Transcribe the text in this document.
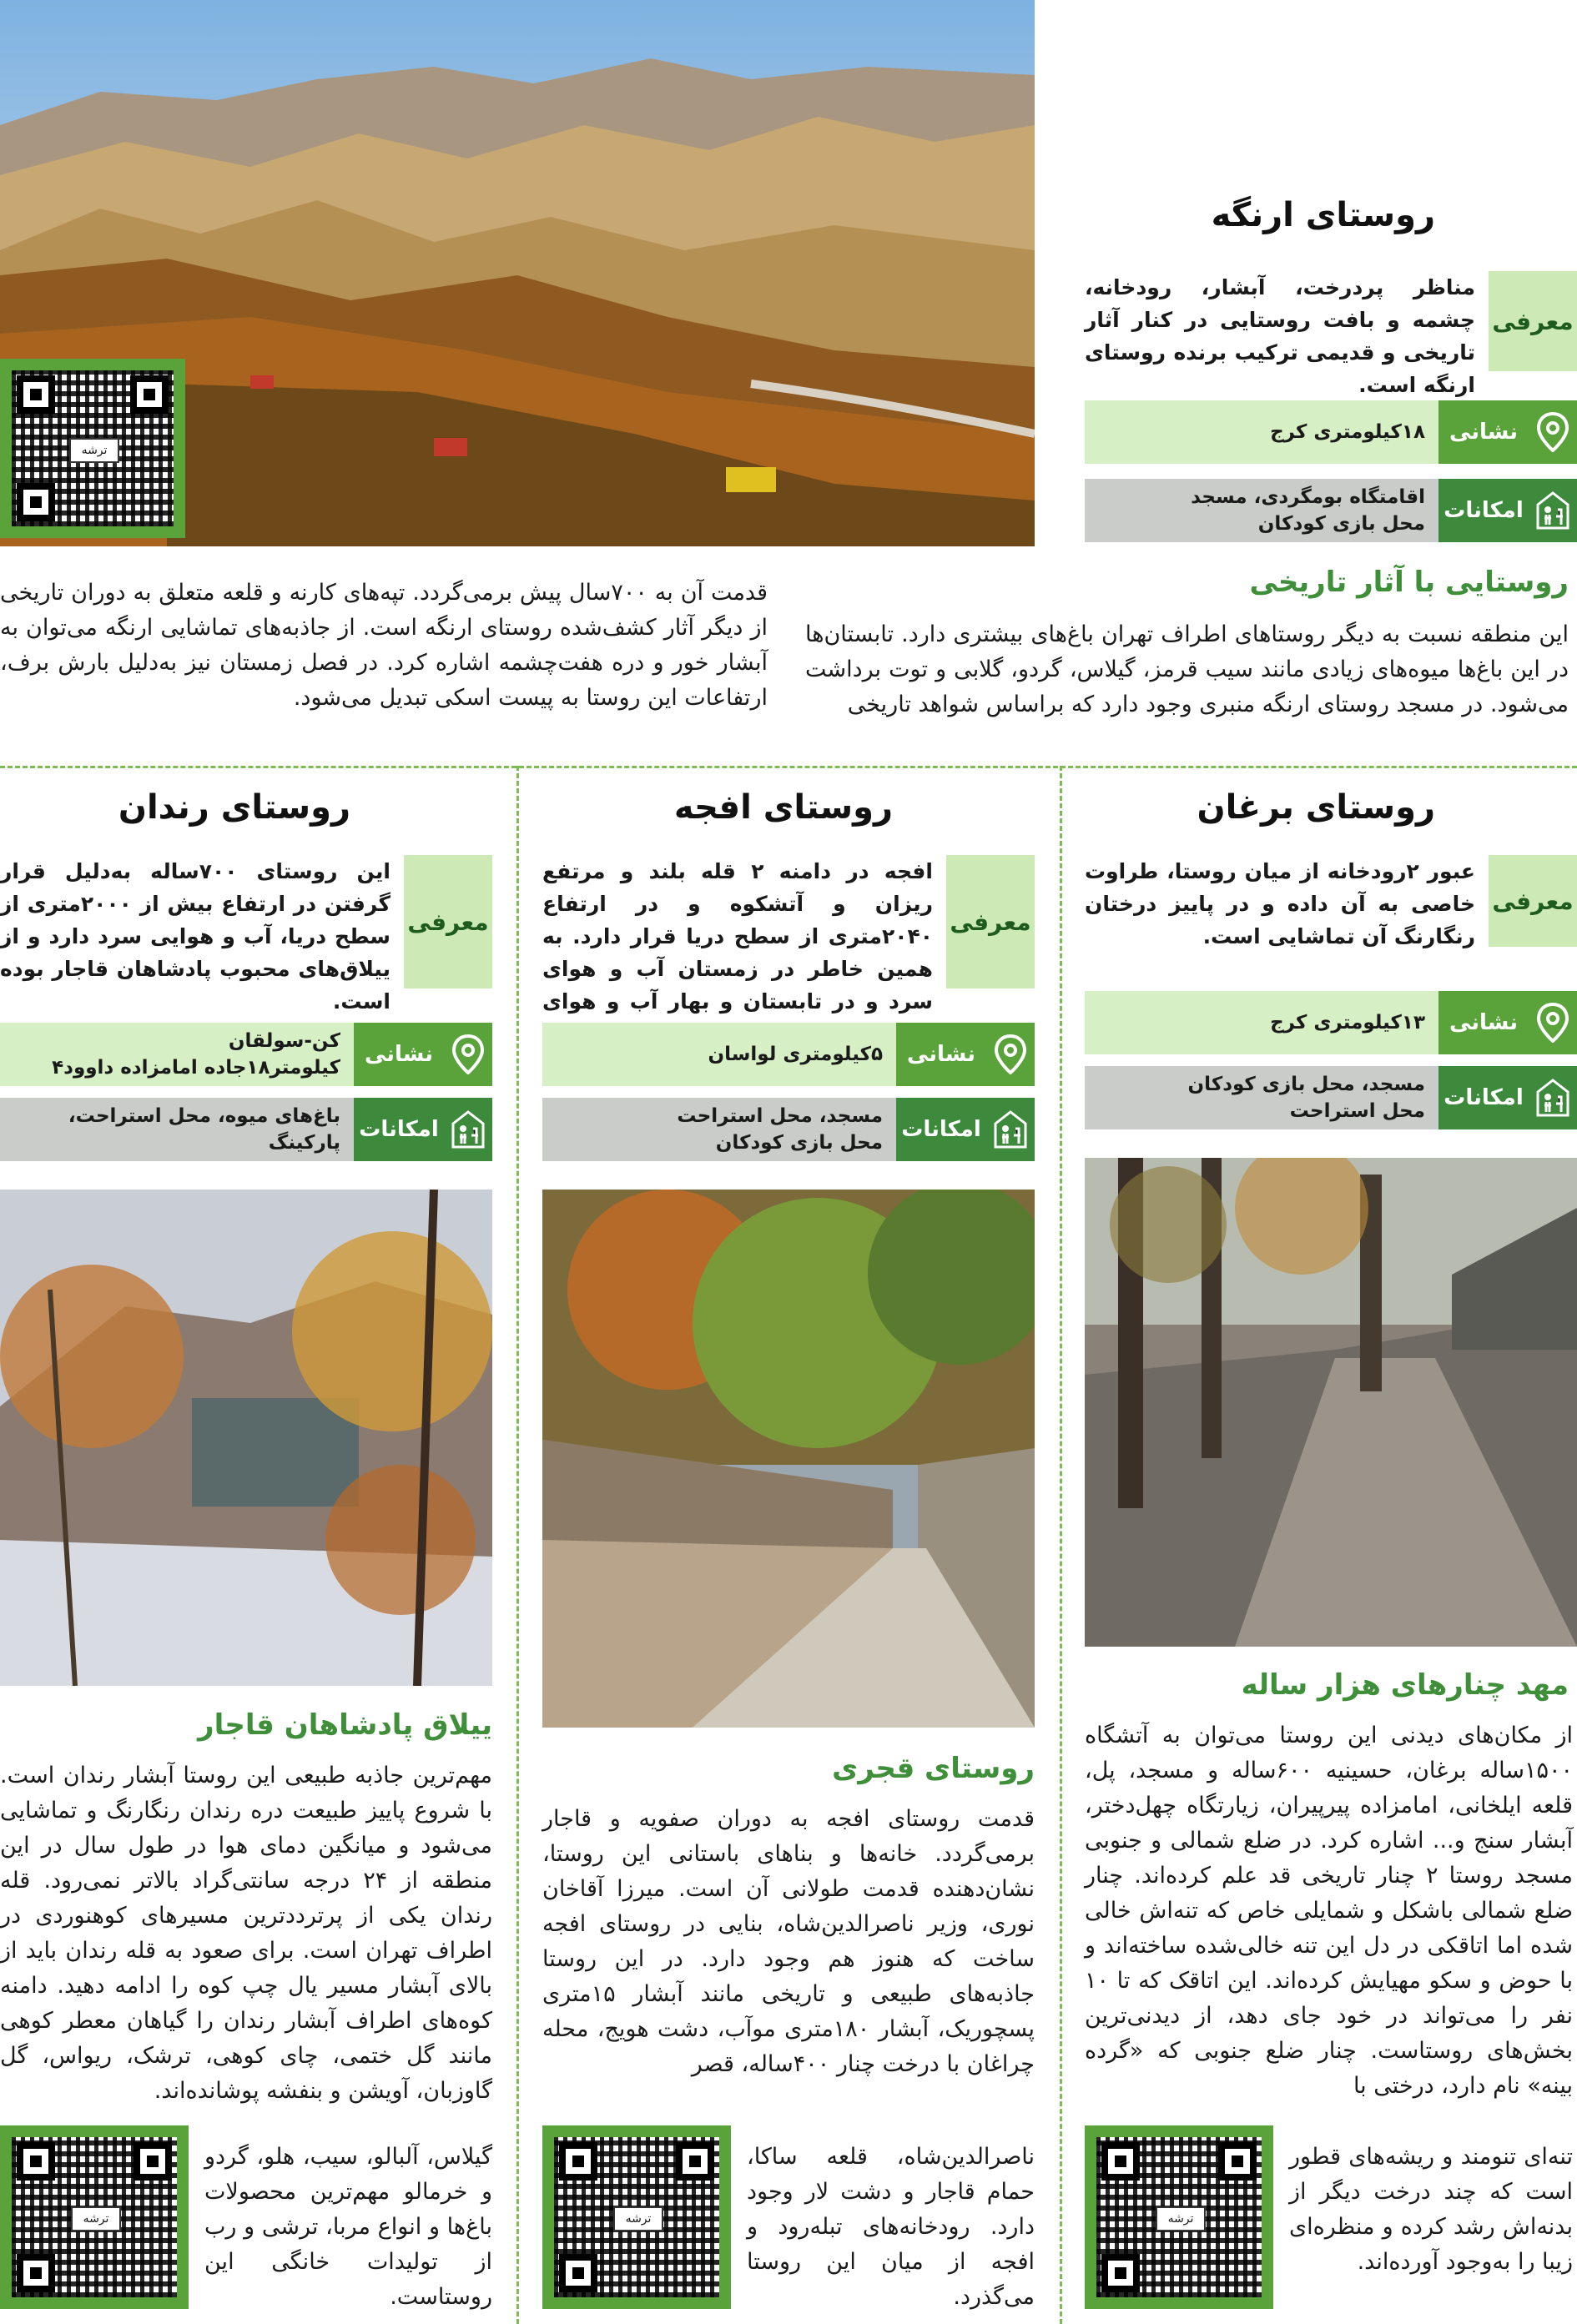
ترشه
روستای ارنگه
معرفی
مناظر پردرخت، آبشار، رودخانه، چشمه و بافت روستایی در کنار آثار تاریخی و قدیمی ترکیب برنده روستای ارنگه است.
نشانی
۱۸کیلومتری کرج
امکانات
اقامتگاه بومگردی، مسجد
محل بازی کودکان
روستایی با آثار تاریخی
این منطقه نسبت به دیگر روستاهای اطراف تهران باغ‌های بیشتری دارد. تابستان‌ها در این باغ‌ها میوه‌های زیادی مانند سیب قرمز، گیلاس، گردو، گلابی و توت برداشت می‌شود. در مسجد روستای ارنگه منبری وجود دارد که براساس شواهد تاریخی
قدمت آن به ۷۰۰سال پیش برمی‌گردد. تپه‌های کارنه و قلعه متعلق به دوران تاریخی از دیگر آثار کشف‌شده روستای ارنگه است. از جاذبه‌های تماشایی ارنگه می‌توان به آبشار خور و دره هفت‌چشمه اشاره کرد. در فصل زمستان نیز به‌دلیل بارش برف، ارتفاعات این روستا به پیست اسکی تبدیل می‌شود.
روستای برغان
معرفی
عبور ۲رودخانه از میان روستا، طراوت خاصی به آن داده و در پاییز درختان رنگارنگ آن تماشایی است.
نشانی
۱۳کیلومتری کرج
امکانات
مسجد، محل بازی کودکان
محل استراحت
مهد چنارهای هزار ساله
از مکان‌های دیدنی این روستا می‌توان به آتشگاه ۱۵۰۰ساله برغان، حسینیه ۶۰۰ساله و مسجد، پل، قلعه ایلخانی، امامزاده پیرپیران، زیارتگاه چهل‌دختر، آبشار سنج و... اشاره کرد. در ضلع شمالی و جنوبی مسجد روستا ۲ چنار تاریخی قد علم کرده‌اند. چنار ضلع شمالی باشکل و شمایلی خاص که تنه‌اش خالی شده اما اتاقکی در دل این تنه خالی‌شده ساخته‌اند و با حوض و سکو مهیایش کرده‌اند. این اتاقک که تا ۱۰ نفر را می‌تواند در خود جای دهد، از دیدنی‌ترین بخش‌های روستاست. چنار ضلع جنوبی که «گرده بینه» نام دارد، درختی با
ترشه
تنه‌ای تنومند و ریشه‌های قطور است که چند درخت دیگر از بدنه‌اش رشد کرده و منظره‌ای زیبا را به‌وجود آورده‌اند.
روستای افجه
معرفی
افجه در دامنه ۲ قله بلند و مرتفع ریزان و آتشکوه و در ارتفاع ۲۰۴۰متری از سطح دریا قرار دارد. به همین خاطر در زمستان آب و هوای سرد و در تابستان و بهار آب و هوای
نشانی
۵کیلومتری لواسان
امکانات
مسجد، محل استراحت
محل بازی کودکان
روستای قجری
قدمت روستای افجه به دوران صفویه و قاجار برمی‌گردد. خانه‌ها و بناهای باستانی این روستا، نشان‌دهنده قدمت طولانی آن است. میرزا آقاخان نوری، وزیر ناصرالدین‌شاه، بنایی در روستای افجه ساخت که هنوز هم وجود دارد. در این روستا جاذبه‌های طبیعی و تاریخی مانند آبشار ۱۵متری پسچوریک، آبشار ۱۸۰متری موآب، دشت هویج، محله چراغان با درخت چنار ۴۰۰ساله، قصر
ترشه
ناصرالدین‌شاه، قلعه ساکا، حمام قاجار و دشت لار وجود دارد. رودخانه‌های تبله‌رود و افجه از میان این روستا می‌گذرد.
روستای رندان
معرفی
این روستای ۷۰۰ساله به‌دلیل قرار گرفتن در ارتفاع بیش از ۲۰۰۰متری از سطح دریا، آب و هوایی سرد دارد و از ییلاق‌های محبوب پادشاهان قاجار بوده است.
نشانی
کن-سولقان
کیلومتر۱۸جاده امامزاده داوود۴
امکانات
باغ‌های میوه، محل استراحت، پارکینگ
ییلاق پادشاهان قاجار
مهم‌ترین جاذبه طبیعی این روستا آبشار رندان است. با شروع پاییز طبیعت دره رندان رنگارنگ و تماشایی می‌شود و میانگین دمای هوا در طول سال در این منطقه از ۲۴ درجه سانتی‌گراد بالاتر نمی‌رود. قله رندان یکی از پرترددترین مسیرهای کوهنوردی در اطراف تهران است. برای صعود به قله رندان باید از بالای آبشار مسیر یال چپ کوه را ادامه دهید. دامنه کوه‌های اطراف آبشار رندان را گیاهان معطر کوهی مانند گل ختمی، چای کوهی، ترشک، ریواس، گل گاوزبان، آویشن و بنفشه پوشانده‌اند.
ترشه
گیلاس، آلبالو، سیب، هلو، گردو و خرمالو مهم‌ترین محصولات باغ‌ها و انواع مربا، ترشی و رب از تولیدات خانگی این روستاست.
